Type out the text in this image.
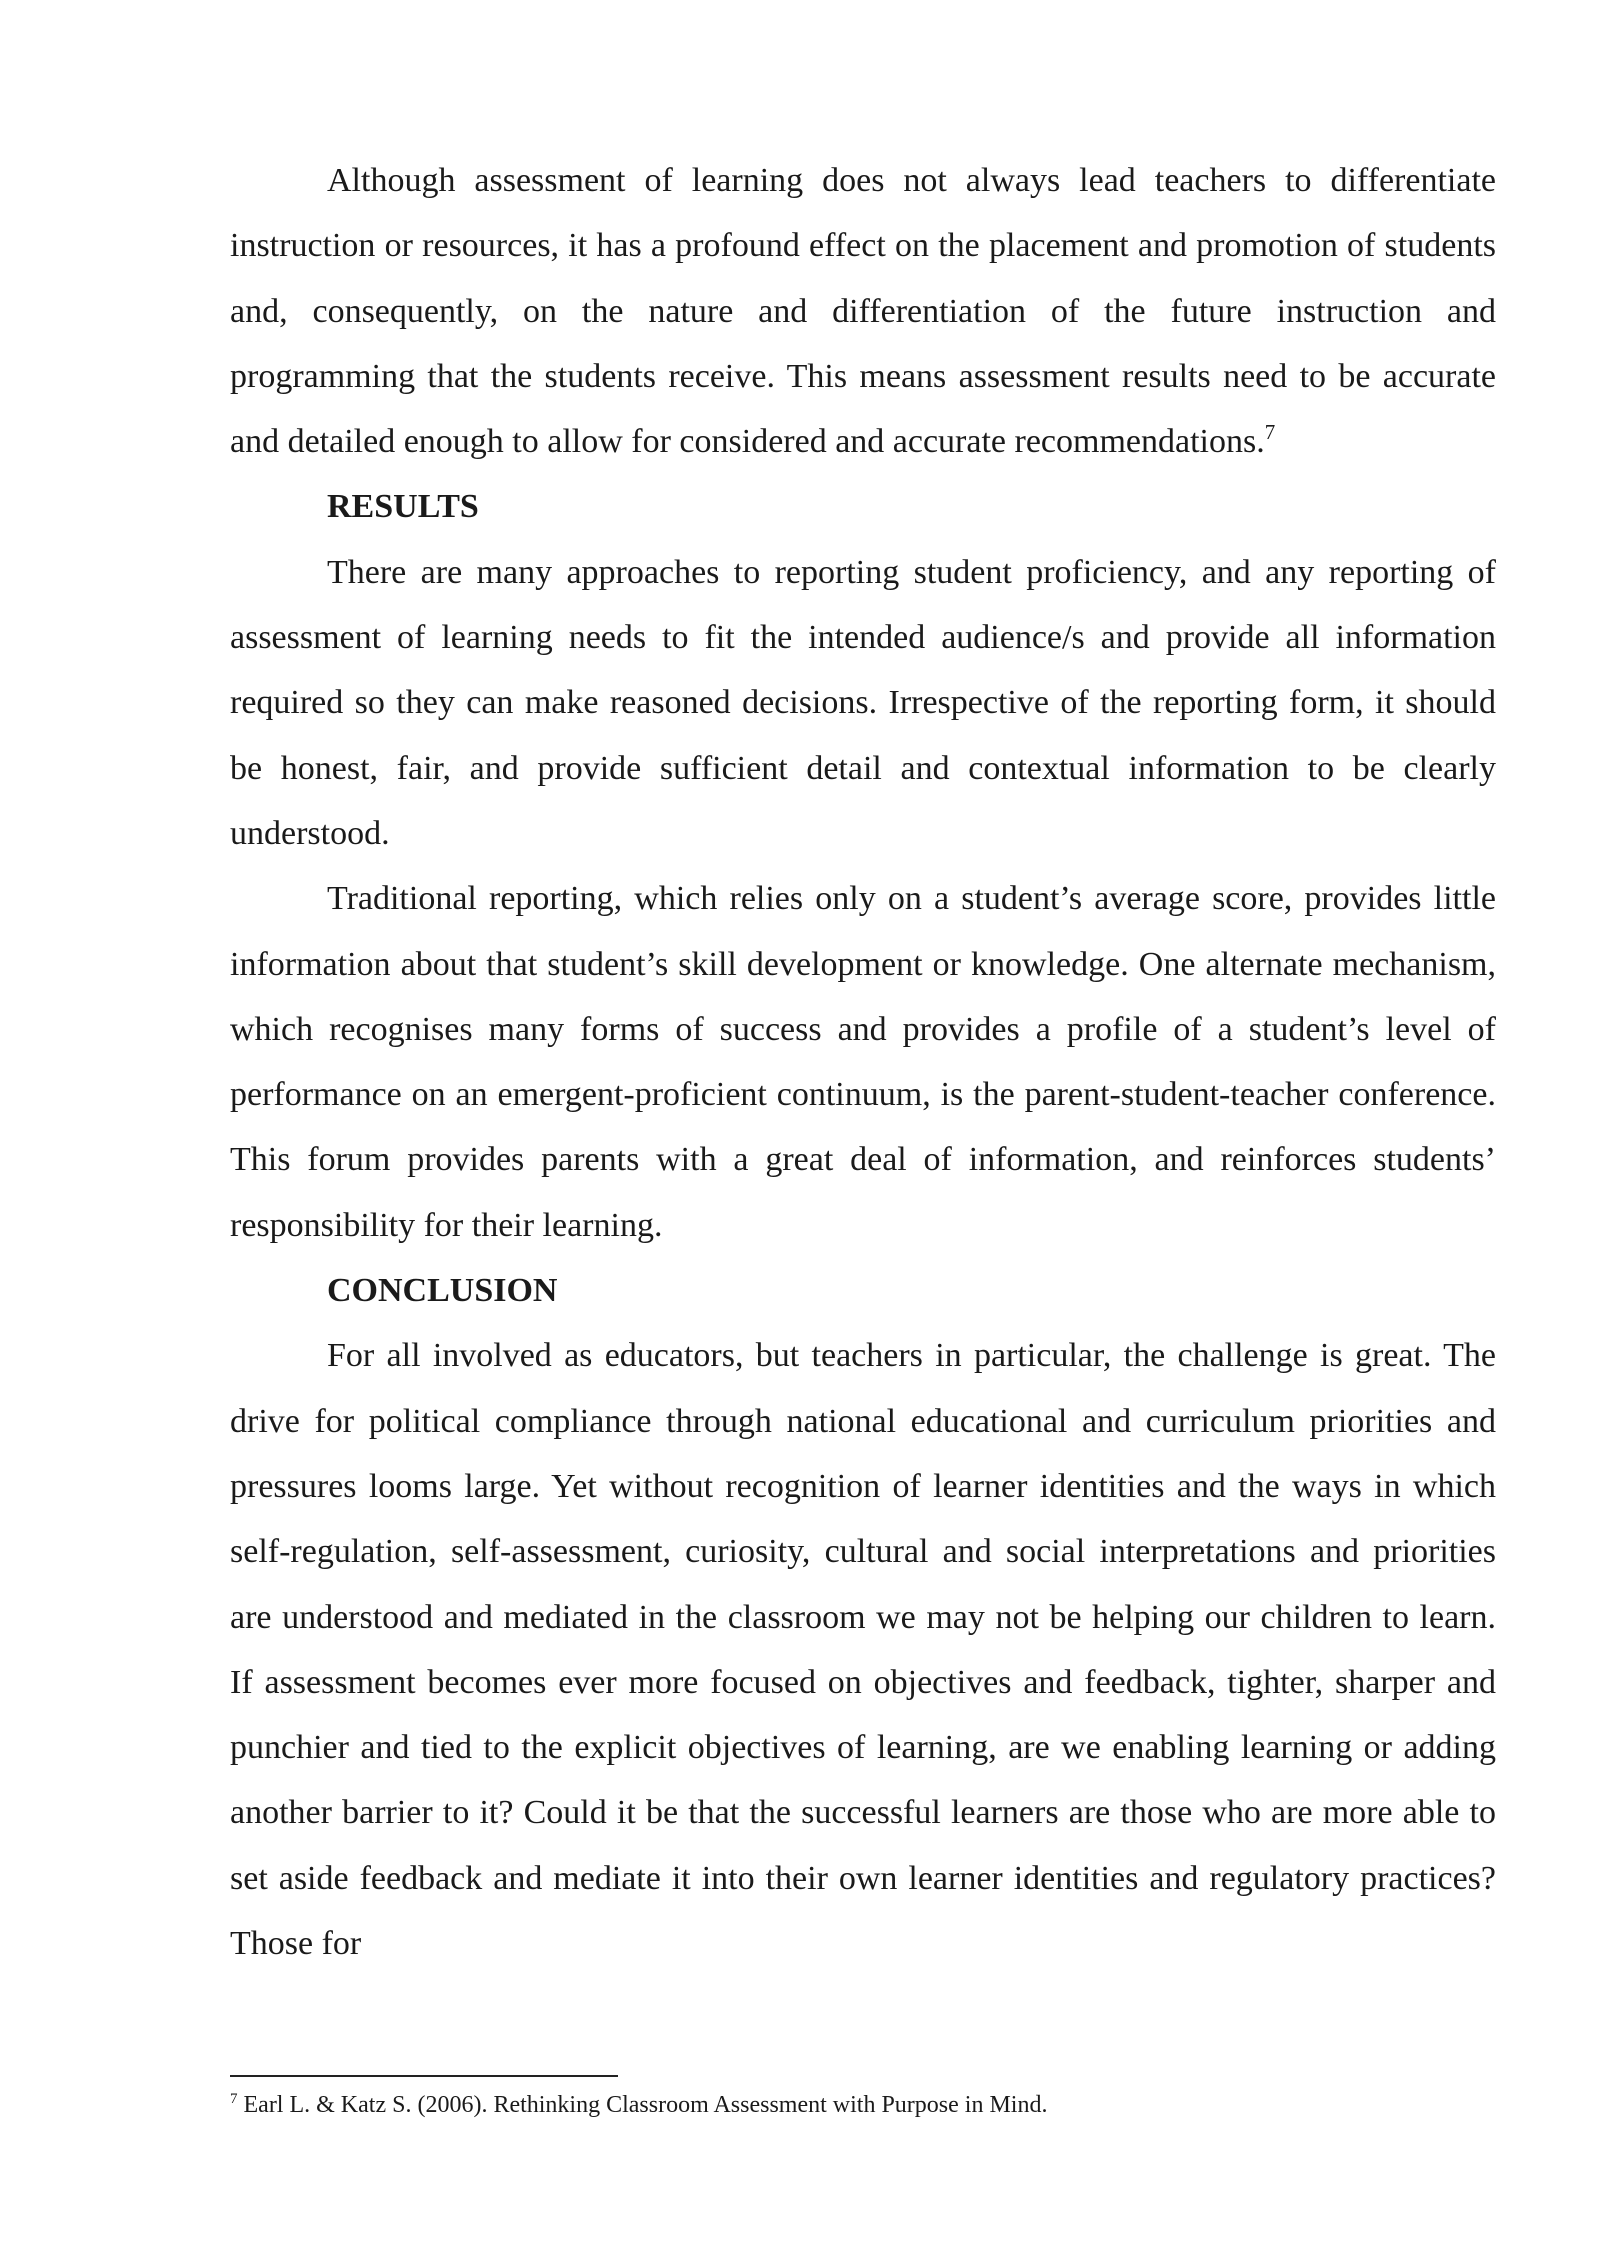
Although assessment of learning does not always lead teachers to differentiate instruction or resources, it has a profound effect on the placement and promotion of students and, consequently, on the nature and differentiation of the future instruction and programming that the students receive. This means assessment results need to be accurate and detailed enough to allow for considered and accurate recommendations.$^7$

RESULTS

There are many approaches to reporting student proficiency, and any reporting of assessment of learning needs to fit the intended audience/s and provide all information required so they can make reasoned decisions. Irrespective of the reporting form, it should be honest, fair, and provide sufficient detail and contextual information to be clearly understood.

Traditional reporting, which relies only on a student’s average score, provides little information about that student’s skill development or knowledge. One alternate mechanism, which recognises many forms of success and provides a profile of a student’s level of performance on an emergent-proficient continuum, is the parent-student-teacher conference. This forum provides parents with a great deal of information, and reinforces students’ responsibility for their learning.

CONCLUSION

For all involved as educators, but teachers in particular, the challenge is great. The drive for political compliance through national educational and curriculum priorities and pressures looms large. Yet without recognition of learner identities and the ways in which self-regulation, self-assessment, curiosity, cultural and social interpretations and priorities are understood and mediated in the classroom we may not be helping our children to learn. If assessment becomes ever more focused on objectives and feedback, tighter, sharper and punchier and tied to the explicit objectives of learning, are we enabling learning or adding another barrier to it? Could it be that the successful learners are those who are more able to set aside feedback and mediate it into their own learner identities and regulatory practices? Those for

$^7$ Earl L. & Katz S. (2006). Rethinking Classroom Assessment with Purpose in Mind.
